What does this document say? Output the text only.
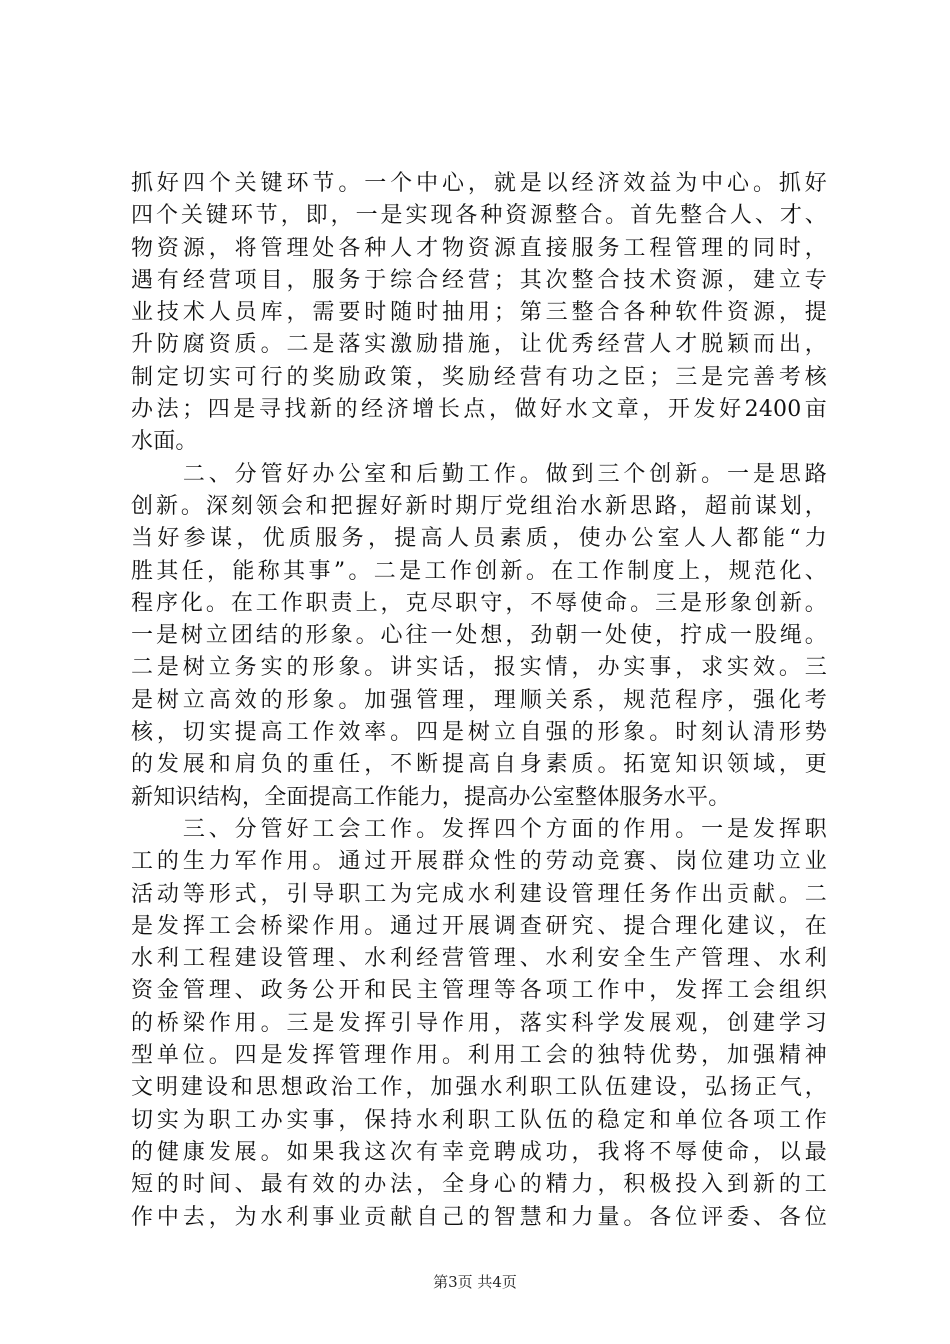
抓好四个关键环节。一个中心，就是以经济效益为中心。抓好
四个关键环节，即，一是实现各种资源整合。首先整合人、才、
物资源，将管理处各种人才物资源直接服务工程管理的同时，
遇有经营项目，服务于综合经营；其次整合技术资源，建立专
业技术人员库，需要时随时抽用；第三整合各种软件资源，提
升防腐资质。二是落实激励措施，让优秀经营人才脱颖而出，
制定切实可行的奖励政策，奖励经营有功之臣；三是完善考核
办法；四是寻找新的经济增长点，做好水文章，开发好2400亩
水面。
　　二、分管好办公室和后勤工作。做到三个创新。一是思路
创新。深刻领会和把握好新时期厅党组治水新思路，超前谋划，
当好参谋，优质服务，提高人员素质，使办公室人人都能“力
胜其任，能称其事”。二是工作创新。在工作制度上，规范化、
程序化。在工作职责上，克尽职守，不辱使命。三是形象创新。
一是树立团结的形象。心往一处想，劲朝一处使，拧成一股绳。
二是树立务实的形象。讲实话，报实情，办实事，求实效。三
是树立高效的形象。加强管理，理顺关系，规范程序，强化考
核，切实提高工作效率。四是树立自强的形象。时刻认清形势
的发展和肩负的重任，不断提高自身素质。拓宽知识领域，更
新知识结构，全面提高工作能力，提高办公室整体服务水平。
　　三、分管好工会工作。发挥四个方面的作用。一是发挥职
工的生力军作用。通过开展群众性的劳动竞赛、岗位建功立业
活动等形式，引导职工为完成水利建设管理任务作出贡献。二
是发挥工会桥梁作用。通过开展调查研究、提合理化建议，在
水利工程建设管理、水利经营管理、水利安全生产管理、水利
资金管理、政务公开和民主管理等各项工作中，发挥工会组织
的桥梁作用。三是发挥引导作用，落实科学发展观，创建学习
型单位。四是发挥管理作用。利用工会的独特优势，加强精神
文明建设和思想政治工作，加强水利职工队伍建设，弘扬正气，
切实为职工办实事，保持水利职工队伍的稳定和单位各项工作
的健康发展。如果我这次有幸竞聘成功，我将不辱使命，以最
短的时间、最有效的办法，全身心的精力，积极投入到新的工
作中去，为水利事业贡献自己的智慧和力量。各位评委、各位
第3页 共4页
